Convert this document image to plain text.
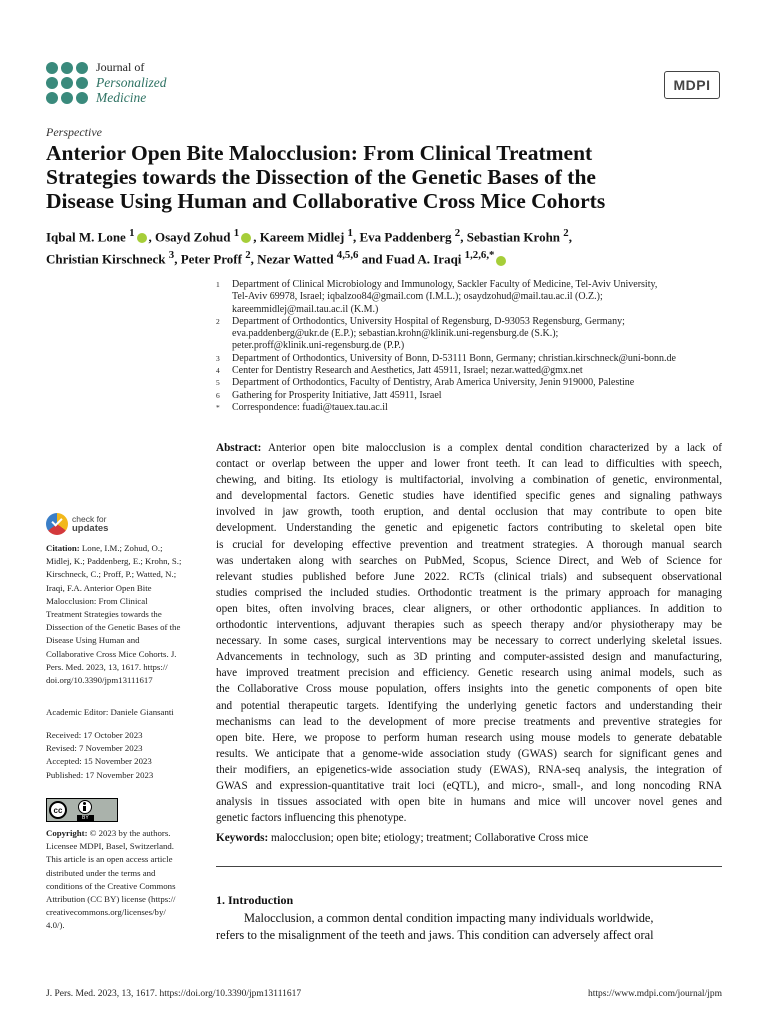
Journal of
Personalized
Medicine
MDPI
Perspective
Anterior Open Bite Malocclusion: From Clinical Treatment
Strategies towards the Dissection of the Genetic Bases of the
Disease Using Human and Collaborative Cross Mice Cohorts
Iqbal M. Lone $^1$ , Osayd Zohud $^1$ , Kareem Midlej $^1$, Eva Paddenberg $^2$, Sebastian Krohn $^2$,
Christian Kirschneck $^3$, Peter Proff $^2$, Nezar Watted $^{4,5,6}$ and Fuad A. Iraqi $^{1,2,6,*}$
1	Department of Clinical Microbiology and Immunology, Sackler Faculty of Medicine, Tel-Aviv University,
Tel-Aviv 69978, Israel; iqbalzoo84@gmail.com (I.M.L.); osaydzohud@mail.tau.ac.il (O.Z.);
kareemmidlej@mail.tau.ac.il (K.M.)
2	Department of Orthodontics, University Hospital of Regensburg, D-93053 Regensburg, Germany;
eva.paddenberg@ukr.de (E.P.); sebastian.krohn@klinik.uni-regensburg.de (S.K.);
peter.proff@klinik.uni-regensburg.de (P.P.)
3	Department of Orthodontics, University of Bonn, D-53111 Bonn, Germany; christian.kirschneck@uni-bonn.de
4	Center for Dentistry Research and Aesthetics, Jatt 45911, Israel; nezar.watted@gmx.net
5	Department of Orthodontics, Faculty of Dentistry, Arab America University, Jenin 919000, Palestine
6	Gathering for Prosperity Initiative, Jatt 45911, Israel
*	Correspondence: fuadi@tauex.tau.ac.il
Abstract: Anterior open bite malocclusion is a complex dental condition characterized by a lack of
contact or overlap between the upper and lower front teeth. It can lead to difficulties with speech,
chewing, and biting. Its etiology is multifactorial, involving a combination of genetic, environmental,
and developmental factors. Genetic studies have identified specific genes and signaling pathways
involved in jaw growth, tooth eruption, and dental occlusion that may contribute to open bite
development. Understanding the genetic and epigenetic factors contributing to skeletal open bite
is crucial for developing effective prevention and treatment strategies. A thorough manual search
was undertaken along with searches on PubMed, Scopus, Science Direct, and Web of Science for
relevant studies published before June 2022. RCTs (clinical trials) and subsequent observational
studies comprised the included studies. Orthodontic treatment is the primary approach for managing
open bites, often involving braces, clear aligners, or other orthodontic appliances. In addition to
orthodontic interventions, adjuvant therapies such as speech therapy and/or physiotherapy may be
necessary. In some cases, surgical interventions may be necessary to correct underlying skeletal issues.
Advancements in technology, such as 3D printing and computer-assisted design and manufacturing,
have improved treatment precision and efficiency. Genetic research using animal models, such as
the Collaborative Cross mouse population, offers insights into the genetic components of open bite
and potential therapeutic targets. Identifying the underlying genetic factors and understanding their
mechanisms can lead to the development of more precise treatments and preventive strategies for
open bite. Here, we propose to perform human research using mouse models to generate debatable
results. We anticipate that a genome-wide association study (GWAS) search for significant genes and
their modifiers, an epigenetics-wide association study (EWAS), RNA-seq analysis, the integration of
GWAS and expression-quantitative trait loci (eQTL), and micro-, small-, and long noncoding RNA
analysis in tissues associated with open bite in humans and mice will uncover novel genes and
genetic factors influencing this phenotype.
Keywords: malocclusion; open bite; etiology; treatment; Collaborative Cross mice
1. Introduction
Malocclusion, a common dental condition impacting many individuals worldwide,
refers to the misalignment of the teeth and jaws. This condition can adversely affect oral
check for
updates
Citation: Lone, I.M.; Zohud, O.;
Midlej, K.; Paddenberg, E.; Krohn, S.;
Kirschneck, C.; Proff, P.; Watted, N.;
Iraqi, F.A. Anterior Open Bite
Malocclusion: From Clinical
Treatment Strategies towards the
Dissection of the Genetic Bases of the
Disease Using Human and
Collaborative Cross Mice Cohorts. J.
Pers. Med. 2023, 13, 1617. https://
doi.org/10.3390/jpm13111617
Academic Editor: Daniele Giansanti
Received: 17 October 2023
Revised: 7 November 2023
Accepted: 15 November 2023
Published: 17 November 2023
cc
BY
Copyright: © 2023 by the authors.
Licensee MDPI, Basel, Switzerland.
This article is an open access article
distributed under the terms and
conditions of the Creative Commons
Attribution (CC BY) license (https://
creativecommons.org/licenses/by/
4.0/).
J. Pers. Med. 2023, 13, 1617. https://doi.org/10.3390/jpm13111617	https://www.mdpi.com/journal/jpm
